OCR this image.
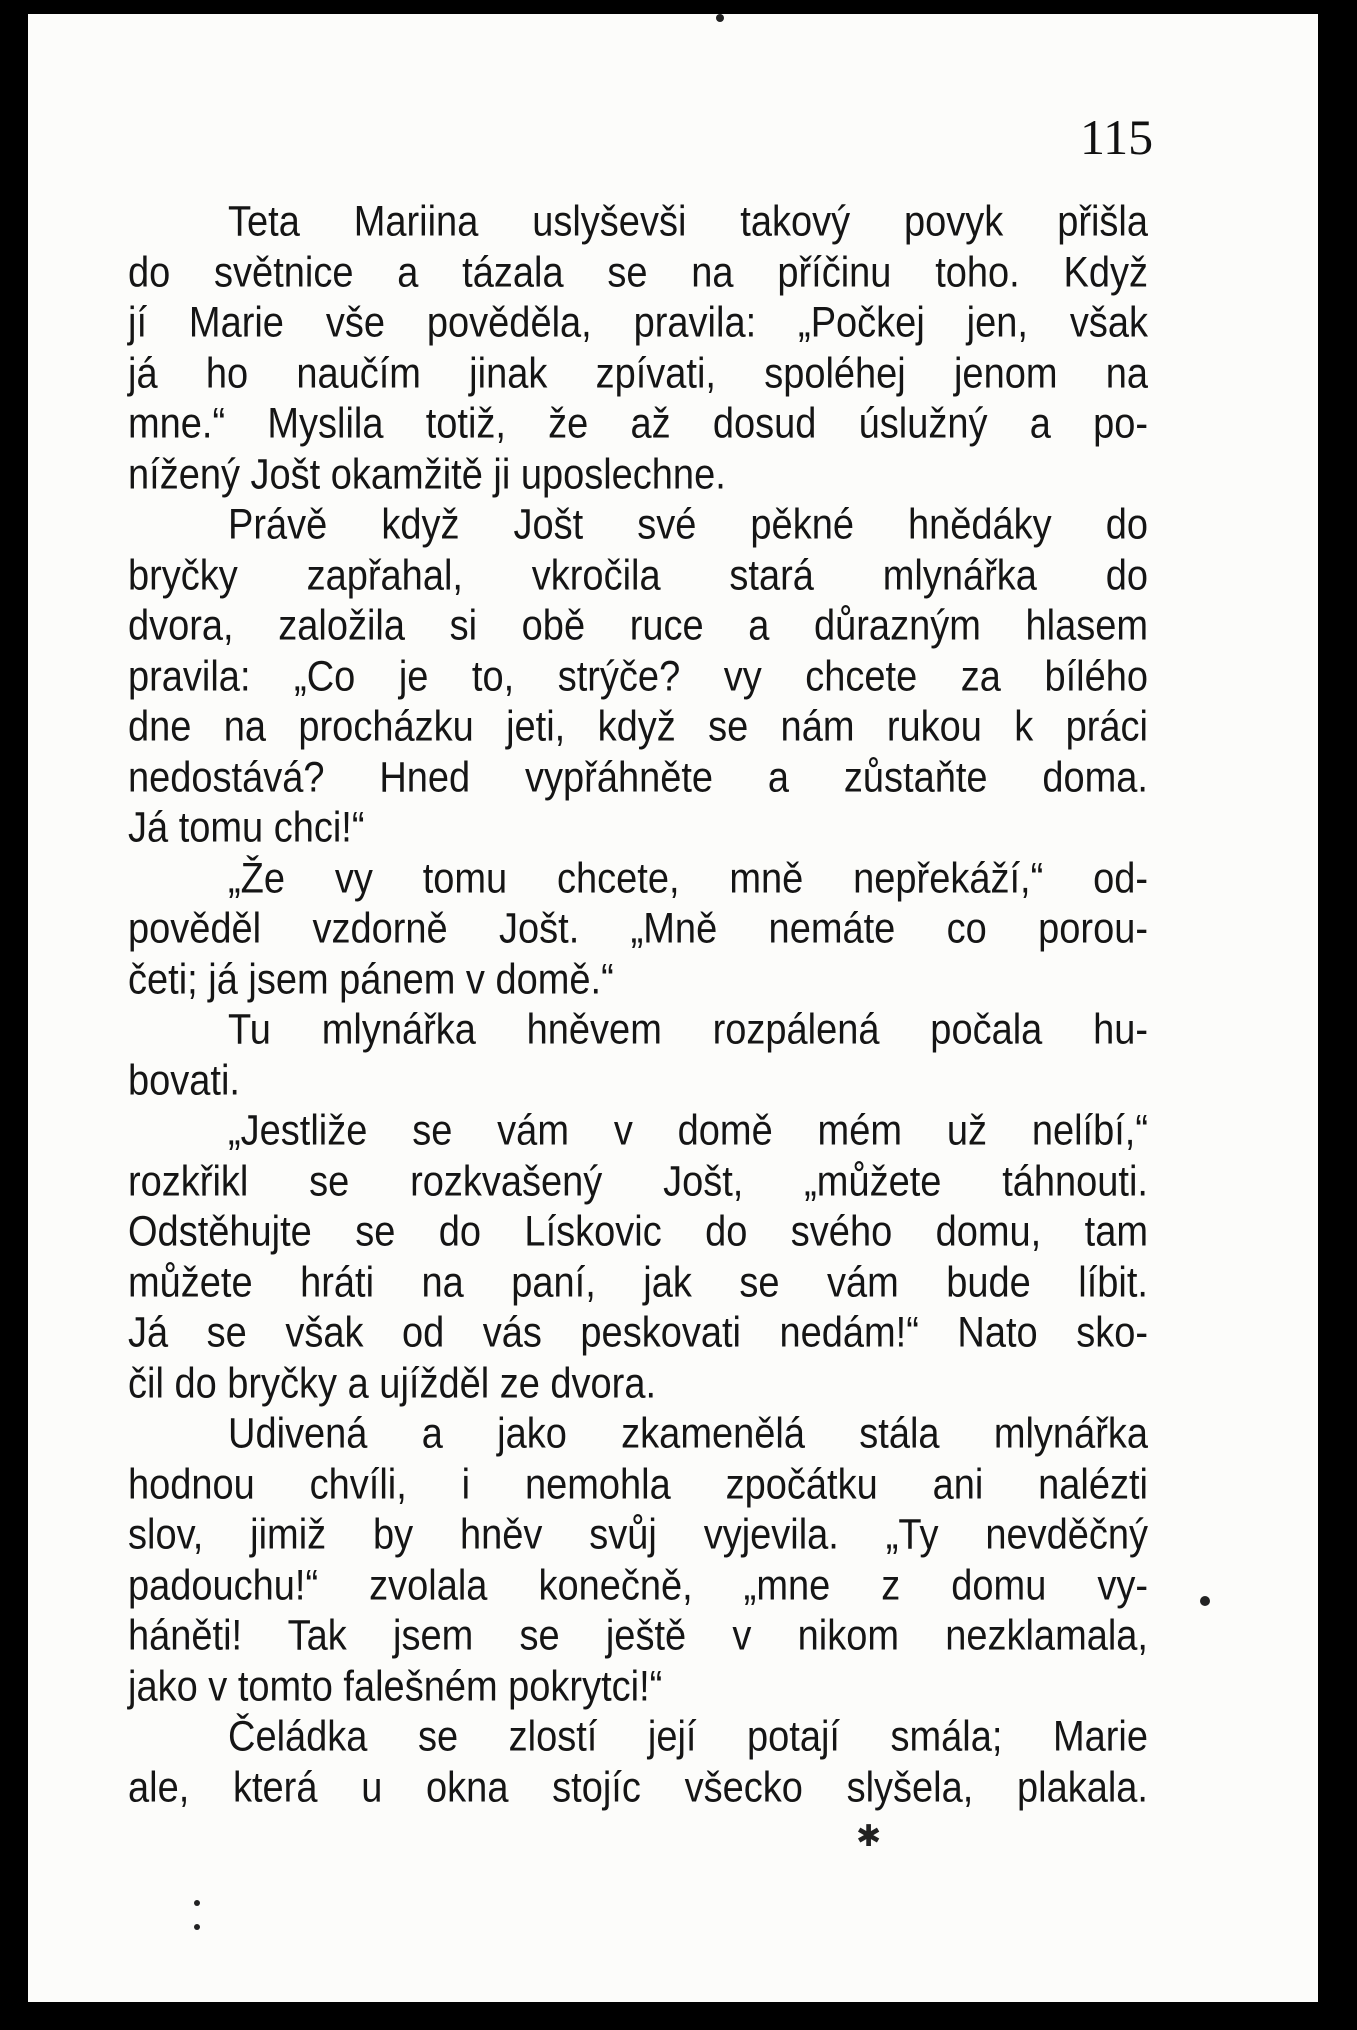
115

Teta Mariina uslyševši takový povyk přišla

do světnice a tázala se na příčinu toho. Když

jí Marie vše pověděla, pravila: „Počkej jen, však

já ho naučím jinak zpívati, spoléhej jenom na

mne.“ Myslila totiž, že až dosud úslužný a po-

nížený Jošt okamžitě ji uposlechne.

Právě když Jošt své pěkné hnědáky do

bryčky zapřahal, vkročila stará mlynářka do

dvora, založila si obě ruce a důrazným hlasem

pravila: „Co je to, strýče? vy chcete za bílého

dne na procházku jeti, když se nám rukou k práci

nedostává? Hned vypřáhněte a zůstaňte doma.

Já tomu chci!“

„Že vy tomu chcete, mně nepřekáží,“ od-

pověděl vzdorně Jošt. „Mně nemáte co porou-

četi; já jsem pánem v domě.“

Tu mlynářka hněvem rozpálená počala hu-

bovati.

„Jestliže se vám v domě mém už nelíbí,“

rozkřikl se rozkvašený Jošt, „můžete táhnouti.

Odstěhujte se do Lískovic do svého domu, tam

můžete hráti na paní, jak se vám bude líbit.

Já se však od vás peskovati nedám!“ Nato sko-

čil do bryčky a ujížděl ze dvora.

Udivená a jako zkamenělá stála mlynářka

hodnou chvíli, i nemohla zpočátku ani nalézti

slov, jimiž by hněv svůj vyjevila. „Ty nevděčný

padouchu!“ zvolala konečně, „mne z domu vy-

háněti! Tak jsem se ještě v nikom nezklamala,

jako v tomto falešném pokrytci!“

Čeládka se zlostí její potají smála; Marie

ale, která u okna stojíc všecko slyšela, plakala.

✱
